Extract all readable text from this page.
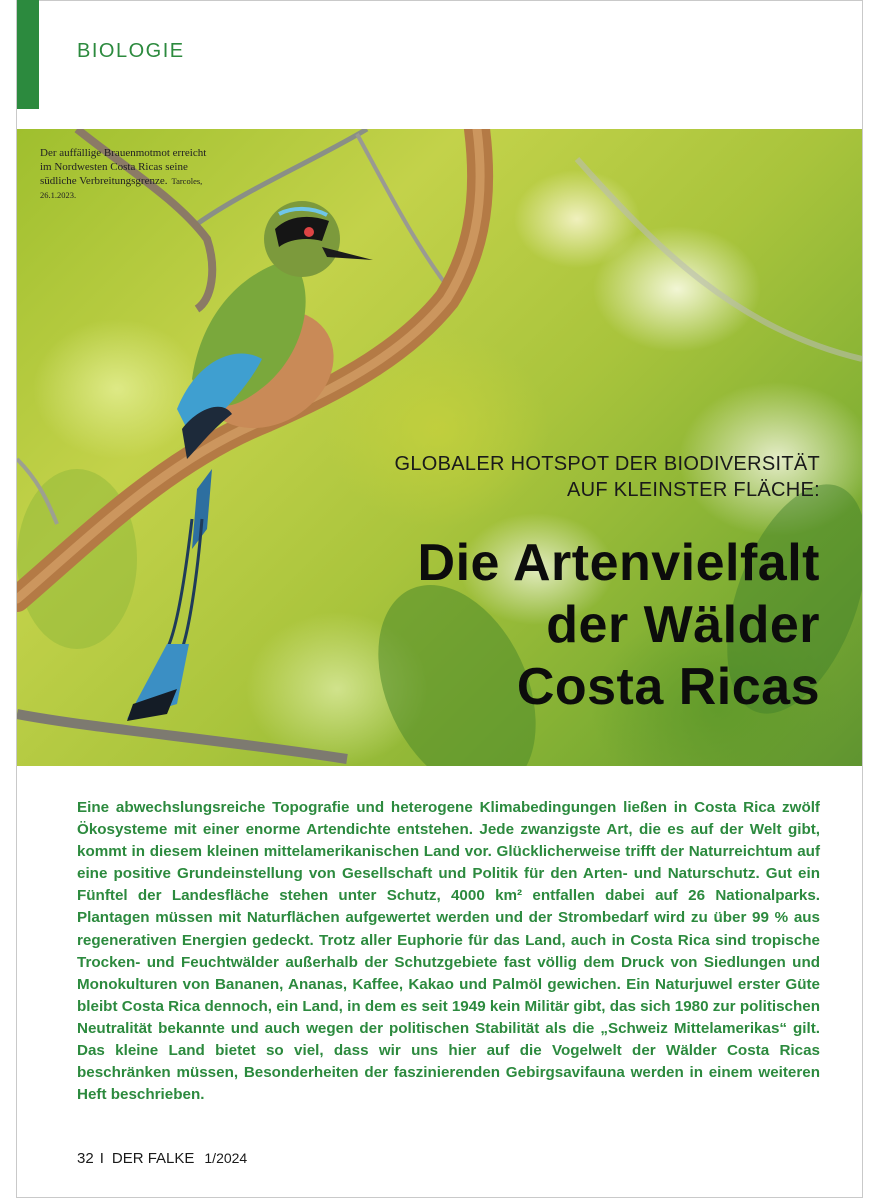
BIOLOGIE
Der auffällige Brauenmotmot erreicht im Nordwesten Costa Ricas seine südliche Verbreitungsgrenze. Tarcoles, 26.1.2023.
GLOBALER HOTSPOT DER BIODIVERSITÄT
AUF KLEINSTER FLÄCHE:
Die Artenvielfalt
der Wälder
Costa Ricas
Eine abwechslungsreiche Topografie und heterogene Klimabedingungen ließen in Costa Rica zwölf Ökosysteme mit einer enorme Artendichte entstehen. Jede zwanzigste Art, die es auf der Welt gibt, kommt in diesem kleinen mittelamerikanischen Land vor. Glücklicherweise trifft der Naturreichtum auf eine positive Grundeinstellung von Gesellschaft und Politik für den Arten- und Naturschutz. Gut ein Fünftel der Landesfläche stehen unter Schutz, 4000 km² entfallen dabei auf 26 Nationalparks. Plantagen müssen mit Naturflächen aufgewertet werden und der Strombedarf wird zu über 99 % aus regenerativen Energien gedeckt. Trotz aller Euphorie für das Land, auch in Costa Rica sind tropische Trocken- und Feuchtwälder außerhalb der Schutzgebiete fast völlig dem Druck von Siedlungen und Monokulturen von Bananen, Ananas, Kaffee, Kakao und Palmöl gewichen. Ein Naturjuwel erster Güte bleibt Costa Rica dennoch, ein Land, in dem es seit 1949 kein Militär gibt, das sich 1980 zur politischen Neutralität bekannte und auch wegen der politischen Stabilität als die „Schweiz Mittelamerikas“ gilt. Das kleine Land bietet so viel, dass wir uns hier auf die Vogelwelt der Wälder Costa Ricas beschränken müssen, Besonderheiten der faszinierenden Gebirgsavifauna werden in einem weiteren Heft beschrieben.
32 I DER FALKE 1/2024
